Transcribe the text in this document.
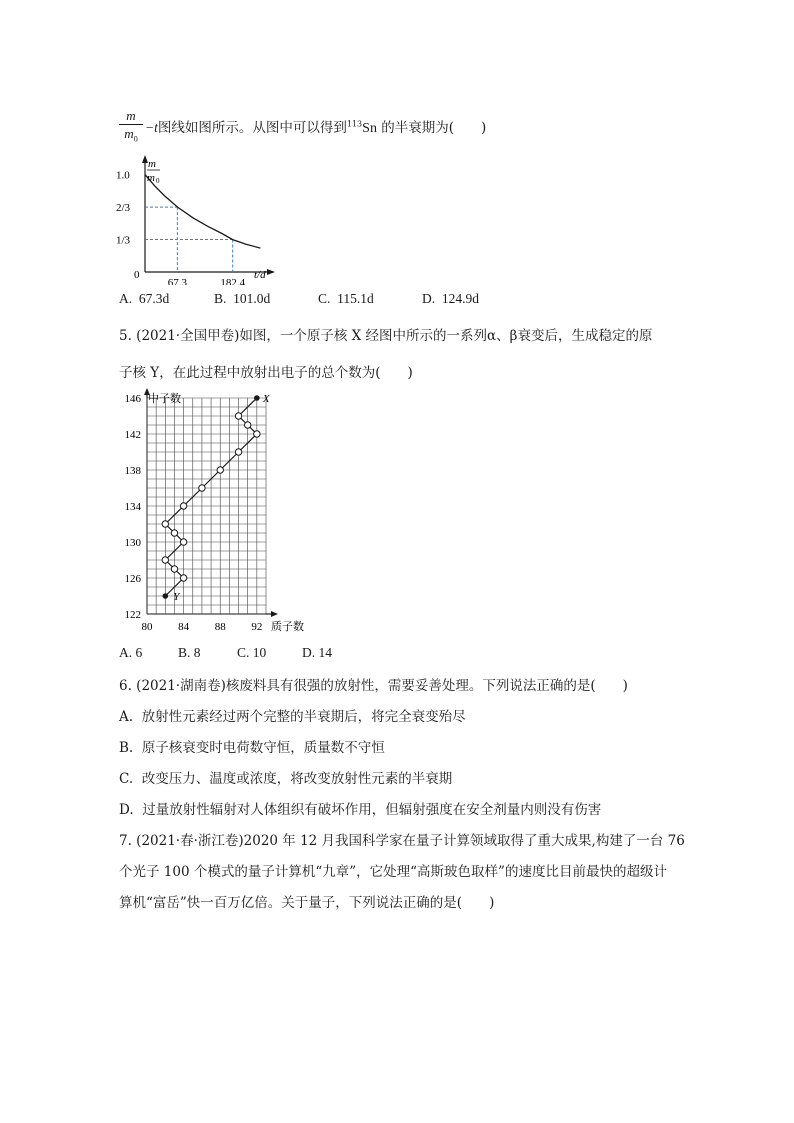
m
$m_0$
−t图线如图所示。从图中可以得到$^{113}$Sn 的半衰期为(　　)
1.0
2/3
1/3
67.3	182.4
m
m 0
0	t/d
A. 67.3d	B. 101.0d	C. 115.1d	D. 124.9d
5. (2021·全国甲卷)如图，一个原子核 X 经图中所示的一系列α、β衰变后，生成稳定的原
子核 Y，在此过程中放射出电子的总个数为(　　)
122
126
130
134
138
142
146
80 84 88 92
X
Y
中子数
质子数
A. 6	B. 8	C. 10	D. 14
6. (2021·湖南卷)核废料具有很强的放射性，需要妥善处理。下列说法正确的是(　　)
A. 放射性元素经过两个完整的半衰期后，将完全衰变殆尽
B. 原子核衰变时电荷数守恒，质量数不守恒
C. 改变压力、温度或浓度，将改变放射性元素的半衰期
D. 过量放射性辐射对人体组织有破坏作用，但辐射强度在安全剂量内则没有伤害
7. (2021·春·浙江卷)2020 年 12 月我国科学家在量子计算领域取得了重大成果,构建了一台 76
个光子 100 个模式的量子计算机“九章”，它处理“高斯玻色取样”的速度比目前最快的超级计
算机“富岳”快一百万亿倍。关于量子，下列说法正确的是(　　)
